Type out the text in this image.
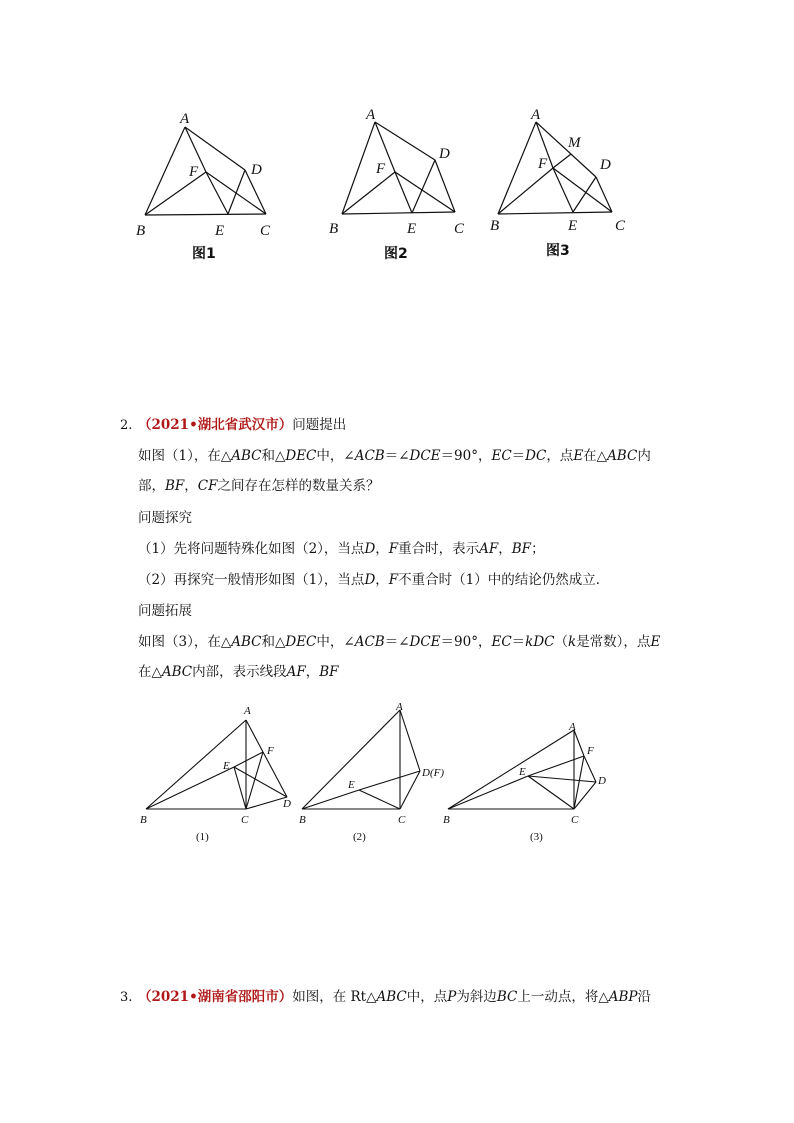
A
B	C
D
E
F
A
B	C
D
E
F
A
B	C
D
E
F
M
图1	图2	图3
2. （2021•湖北省武汉市）问题提出
如图（1），在△ABC和△DEC中，∠ACB＝∠DCE＝90°，EC＝DC，点E在△ABC内
部，BF，CF之间存在怎样的数量关系？
问题探究
（1）先将问题特殊化如图（2），当点D，F重合时，表示AF，BF；
（2）再探究一般情形如图（1），当点D，F不重合时（1）中的结论仍然成立．
问题拓展
如图（3），在△ABC和△DEC中，∠ACB＝∠DCE＝90°，EC＝kDC（k是常数），点E
在△ABC内部，表示线段AF，BF
A
B	C
D
E
F
A
B	C
D(F)
E
A
B	C
D
E
F
(1)	(2)	(3)
3. （2021•湖南省邵阳市）如图，在 Rt△ABC中，点P为斜边BC上一动点，将△ABP沿
